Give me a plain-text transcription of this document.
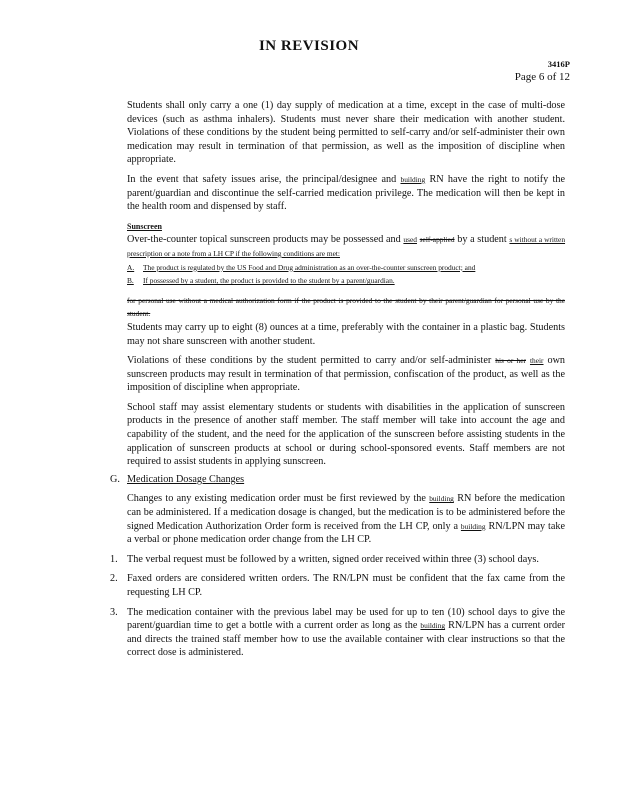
IN REVISION
3416P
Page 6 of 12

Students shall only carry a one (1) day supply of medication at a time, except in the case of multi-dose devices (such as asthma inhalers). Students must never share their medication with another student. Violations of these conditions by the student being permitted to self-carry and/or self-administer their own medication may result in termination of that permission, as well as the imposition of discipline when appropriate.

In the event that safety issues arise, the principal/designee and building RN have the right to notify the parent/guardian and discontinue the self-carried medication privilege. The medication will then be kept in the health room and dispensed by staff.

Sunscreen

Over-the-counter topical sunscreen products may be possessed and used self-applied by a student s without a written prescription or a note from a LH CP if the following conditions are met:

A.	The product is regulated by the US Food and Drug administration as an over-the-counter sunscreen product; and
B.	If possessed by a student, the product is provided to the student by a parent/guardian.

for personal use without a medical authorization form if the product is provided to the student by their parent/guardian for personal use by the student.

Students may carry up to eight (8) ounces at a time, preferably with the container in a plastic bag. Students may not share sunscreen with another student.

Violations of these conditions by the student permitted to carry and/or self-administer his or her their own sunscreen products may result in termination of that permission, confiscation of the product, as well as the imposition of discipline when appropriate.

School staff may assist elementary students or students with disabilities in the application of sunscreen products in the presence of another staff member. The staff member will take into account the age and capability of the student, and the need for the application of the sunscreen before assisting students in the application of sunscreen products at school or during school-sponsored events. Staff members are not required to assist students in applying sunscreen.

G. Medication Dosage Changes

Changes to any existing medication order must be first reviewed by the building RN before the medication can be administered. If a medication dosage is changed, but the medication is to be administered before the signed Medication Authorization Order form is received from the LH CP, only a building RN/LPN may take a verbal or phone medication order change from the LH CP.

1. The verbal request must be followed by a written, signed order received within three (3) school days.
2. Faxed orders are considered written orders. The RN/LPN must be confident that the fax came from the requesting LH CP.
3. The medication container with the previous label may be used for up to ten (10) school days to give the parent/guardian time to get a bottle with a current order as long as the building RN/LPN has a current order and directs the trained staff member how to use the available container with clear instructions so that the correct dose is administered.
